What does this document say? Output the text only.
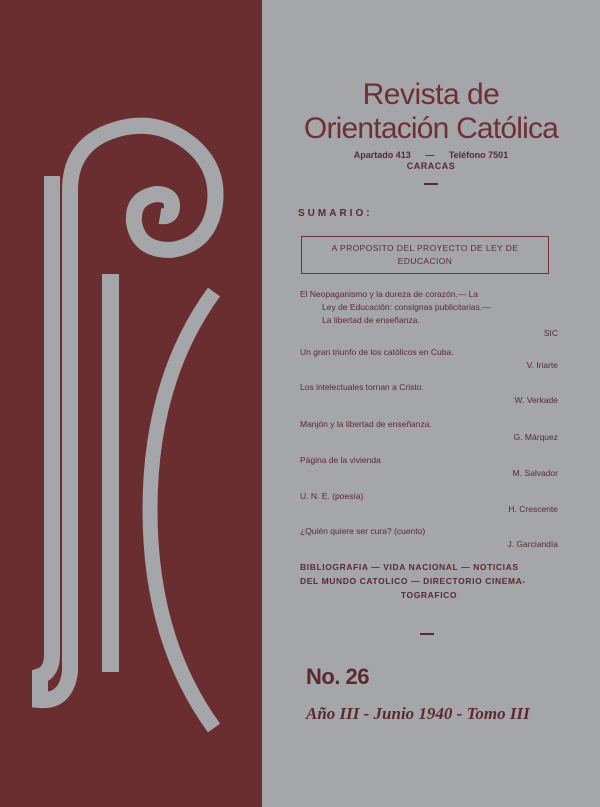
Revista de
Orientación Católica
Apartado 413 — Teléfono 7501
CARACAS
SUMARIO:
A PROPOSITO DEL PROYECTO DE LEY DE
EDUCACION
El Neopaganismo y la dureza de corazón.— La
Ley de Educación: consignas publicitarias.—
La libertad de enseñanza.
SIC
Un gran triunfo de los católicos en Cuba.
V. Iriarte
Los intelectuales tornan a Cristo.
W. Verkade
Manjón y la libertad de enseñanza.
G. Márquez
Página de la vivienda
M. Salvador
U. N. E. (poesía)
H. Crescente
¿Quién quiere ser cura? (cuento)
J. Garciandía
BIBLIOGRAFIA — VIDA NACIONAL — NOTICIAS
DEL MUNDO CATOLICO — DIRECTORIO CINEMA-
TOGRAFICO
No. 26
Año III - Junio 1940 - Tomo III
